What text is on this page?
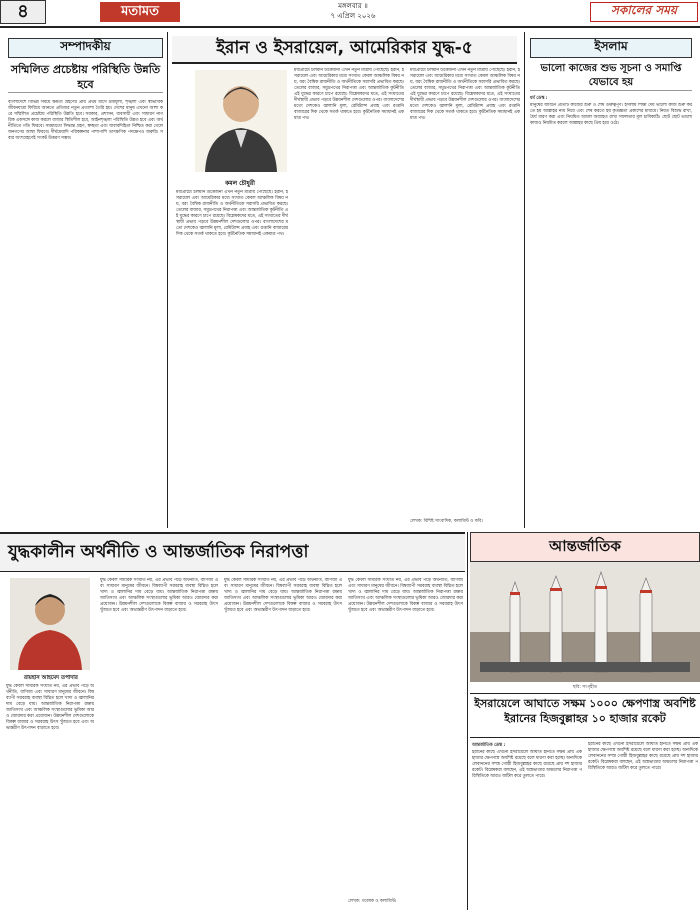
৪	মতামত	মঙ্গলবার ॥
৭ এপ্রিল ২০২৬	সকালের সময়
সম্পাদকীয়
সম্মিলিত প্রচেষ্টায় পরিস্থিতি উন্নতি হবে
বাংলাদেশে বিভিন্ন সময়ে ক্ষমতা গ্রহণের প্রায় প্রথম মাসে দ্রব্যমূল্য, শৃঙ্খলা এবং স্বাভাবিক জীবনযাত্রা ফিরিয়ে আনতে প্রতিবার নতুন প্রত্যাশা তৈরি হয়। দেশের মানুষ এখনো আশা করে সম্মিলিত প্রচেষ্টায় পরিস্থিতি উন্নতি হবে। সরকার, প্রশাসন, ব্যবসায়ী এবং সাধারণ নাগরিক একসঙ্গে কাজ করলে বাজার স্থিতিশীল হবে, আইনশৃঙ্খলা পরিস্থিতি উন্নত হবে এবং অর্থনীতিতে গতি ফিরবে। সময়মতো সিদ্ধান্ত গ্রহণ, স্বচ্ছতা এবং জবাবদিহিতা নিশ্চিত করা গেলে জনগণের আস্থা ফিরবে। দীর্ঘমেয়াদি পরিকল্পনার পাশাপাশি তাৎক্ষণিক পদক্ষেপও জরুরি। সবার অংশগ্রহণেই সংকট উত্তরণ সম্ভব।
ইরান ও ইসরায়েল, আমেরিকার যুদ্ধ-৫
কমল চৌধুরী
মধ্যপ্রাচ্যে চলমান উত্তেজনা এখন নতুন মাত্রায় পৌঁছেছে। ইরান, ইসরায়েল এবং আমেরিকার মধ্যে সংঘাত কেবল আঞ্চলিক বিষয় নয়, বরং বৈশ্বিক রাজনীতি ও অর্থনীতিকে সরাসরি প্রভাবিত করছে। তেলের বাজার, সমুদ্রপথের নিরাপত্তা এবং আন্তর্জাতিক কূটনীতি এই যুদ্ধের কারণে চাপে রয়েছে। বিশ্লেষকদের মতে, এই সংঘাতের দীর্ঘস্থায়ী প্রভাব পড়বে উন্নয়নশীল দেশগুলোর ওপর। বাংলাদেশের মতো দেশকেও জ্বালানি মূল্য, রেমিট্যান্স প্রবাহ এবং রপ্তানি বাজারের দিক থেকে সতর্ক থাকতে হবে। কূটনৈতিক সমাধানই একমাত্র পথ।
মধ্যপ্রাচ্যে চলমান উত্তেজনা এখন নতুন মাত্রায় পৌঁছেছে। ইরান, ইসরায়েল এবং আমেরিকার মধ্যে সংঘাত কেবল আঞ্চলিক বিষয় নয়, বরং বৈশ্বিক রাজনীতি ও অর্থনীতিকে সরাসরি প্রভাবিত করছে। তেলের বাজার, সমুদ্রপথের নিরাপত্তা এবং আন্তর্জাতিক কূটনীতি এই যুদ্ধের কারণে চাপে রয়েছে। বিশ্লেষকদের মতে, এই সংঘাতের দীর্ঘস্থায়ী প্রভাব পড়বে উন্নয়নশীল দেশগুলোর ওপর। বাংলাদেশের মতো দেশকেও জ্বালানি মূল্য, রেমিট্যান্স প্রবাহ এবং রপ্তানি বাজারের দিক থেকে সতর্ক থাকতে হবে। কূটনৈতিক সমাধানই একমাত্র পথ।
মধ্যপ্রাচ্যে চলমান উত্তেজনা এখন নতুন মাত্রায় পৌঁছেছে। ইরান, ইসরায়েল এবং আমেরিকার মধ্যে সংঘাত কেবল আঞ্চলিক বিষয় নয়, বরং বৈশ্বিক রাজনীতি ও অর্থনীতিকে সরাসরি প্রভাবিত করছে। তেলের বাজার, সমুদ্রপথের নিরাপত্তা এবং আন্তর্জাতিক কূটনীতি এই যুদ্ধের কারণে চাপে রয়েছে। বিশ্লেষকদের মতে, এই সংঘাতের দীর্ঘস্থায়ী প্রভাব পড়বে উন্নয়নশীল দেশগুলোর ওপর। বাংলাদেশের মতো দেশকেও জ্বালানি মূল্য, রেমিট্যান্স প্রবাহ এবং রপ্তানি বাজারের দিক থেকে সতর্ক থাকতে হবে। কূটনৈতিক সমাধানই একমাত্র পথ।
লেখক: বিশিষ্ট সাংবাদিক, কলামিস্ট ও কবি।
ইসলাম
ভালো কাজের শুভ সূচনা ও সমাপ্তি যেভাবে হয়
ধর্ম ডেস্ক :
মানুষের জীবনে প্রতিটি কাজের শুরু ও শেষ গুরুত্বপূর্ণ। ইসলাম শিক্ষা দেয় ভালো কাজ শুরু করতে হয় আল্লাহর নাম নিয়ে এবং শেষ করতে হয় কৃতজ্ঞতা প্রকাশের মাধ্যমে। নিয়ত বিশুদ্ধ রাখা, ধৈর্য ধারণ করা এবং নিয়মিত আমল অব্যাহত রাখা সফলতার মূল চাবিকাঠি। ছোট ছোট ভালো কাজও নিয়মিত করলে আল্লাহর কাছে প্রিয় হয়ে ওঠে।
যুদ্ধকালীন অর্থনীতি ও আন্তর্জাতিক নিরাপত্তা
রায়হান আহমেদ তপাদার
যুদ্ধ কেবল সামরিক সংঘাত নয়, এর প্রভাব পড়ে অর্থনীতি, বাণিজ্য এবং সাধারণ মানুষের জীবনে। বিশ্বব্যাপী সরবরাহ ব্যবস্থা বিঘ্নিত হলে খাদ্য ও জ্বালানির দাম বেড়ে যায়। আন্তর্জাতিক নিরাপত্তা রক্ষায় জাতিসংঘ এবং আঞ্চলিক সংস্থাগুলোর ভূমিকা আরও জোরদার করা প্রয়োজন। উন্নয়নশীল দেশগুলোকে বিকল্প বাজার ও সরবরাহ উৎস খুঁজতে হবে এবং অভ্যন্তরীণ উৎপাদন বাড়াতে হবে।
যুদ্ধ কেবল সামরিক সংঘাত নয়, এর প্রভাব পড়ে অর্থনীতি, বাণিজ্য এবং সাধারণ মানুষের জীবনে। বিশ্বব্যাপী সরবরাহ ব্যবস্থা বিঘ্নিত হলে খাদ্য ও জ্বালানির দাম বেড়ে যায়। আন্তর্জাতিক নিরাপত্তা রক্ষায় জাতিসংঘ এবং আঞ্চলিক সংস্থাগুলোর ভূমিকা আরও জোরদার করা প্রয়োজন। উন্নয়নশীল দেশগুলোকে বিকল্প বাজার ও সরবরাহ উৎস খুঁজতে হবে এবং অভ্যন্তরীণ উৎপাদন বাড়াতে হবে।
যুদ্ধ কেবল সামরিক সংঘাত নয়, এর প্রভাব পড়ে অর্থনীতি, বাণিজ্য এবং সাধারণ মানুষের জীবনে। বিশ্বব্যাপী সরবরাহ ব্যবস্থা বিঘ্নিত হলে খাদ্য ও জ্বালানির দাম বেড়ে যায়। আন্তর্জাতিক নিরাপত্তা রক্ষায় জাতিসংঘ এবং আঞ্চলিক সংস্থাগুলোর ভূমিকা আরও জোরদার করা প্রয়োজন। উন্নয়নশীল দেশগুলোকে বিকল্প বাজার ও সরবরাহ উৎস খুঁজতে হবে এবং অভ্যন্তরীণ উৎপাদন বাড়াতে হবে।
যুদ্ধ কেবল সামরিক সংঘাত নয়, এর প্রভাব পড়ে অর্থনীতি, বাণিজ্য এবং সাধারণ মানুষের জীবনে। বিশ্বব্যাপী সরবরাহ ব্যবস্থা বিঘ্নিত হলে খাদ্য ও জ্বালানির দাম বেড়ে যায়। আন্তর্জাতিক নিরাপত্তা রক্ষায় জাতিসংঘ এবং আঞ্চলিক সংস্থাগুলোর ভূমিকা আরও জোরদার করা প্রয়োজন। উন্নয়নশীল দেশগুলোকে বিকল্প বাজার ও সরবরাহ উৎস খুঁজতে হবে এবং অভ্যন্তরীণ উৎপাদন বাড়াতে হবে।
লেখক: গবেষক ও কলামিস্ট।
আন্তর্জাতিক
ছবি: সংগৃহীত
ইসরায়েলে আঘাতে সক্ষম ১০০০ ক্ষেপণাস্ত্র অবশিষ্ট ইরানের হিজবুল্লাহর ১০ হাজার রকেট
আন্তর্জাতিক ডেস্ক :
ইরানের কাছে এখনো ইসরায়েলে আঘাত হানতে সক্ষম প্রায় এক হাজার ক্ষেপণাস্ত্র অবশিষ্ট রয়েছে বলে ধারণা করা হচ্ছে। অন্যদিকে লেবাননের সশস্ত্র গোষ্ঠী হিজবুল্লাহর কাছে রয়েছে প্রায় দশ হাজার রকেট। বিশ্লেষকরা বলছেন, এই অস্ত্রভাণ্ডার অঞ্চলের নিরাপত্তা পরিস্থিতিকে আরও জটিল করে তুলতে পারে।
ইরানের কাছে এখনো ইসরায়েলে আঘাত হানতে সক্ষম প্রায় এক হাজার ক্ষেপণাস্ত্র অবশিষ্ট রয়েছে বলে ধারণা করা হচ্ছে। অন্যদিকে লেবাননের সশস্ত্র গোষ্ঠী হিজবুল্লাহর কাছে রয়েছে প্রায় দশ হাজার রকেট। বিশ্লেষকরা বলছেন, এই অস্ত্রভাণ্ডার অঞ্চলের নিরাপত্তা পরিস্থিতিকে আরও জটিল করে তুলতে পারে।
